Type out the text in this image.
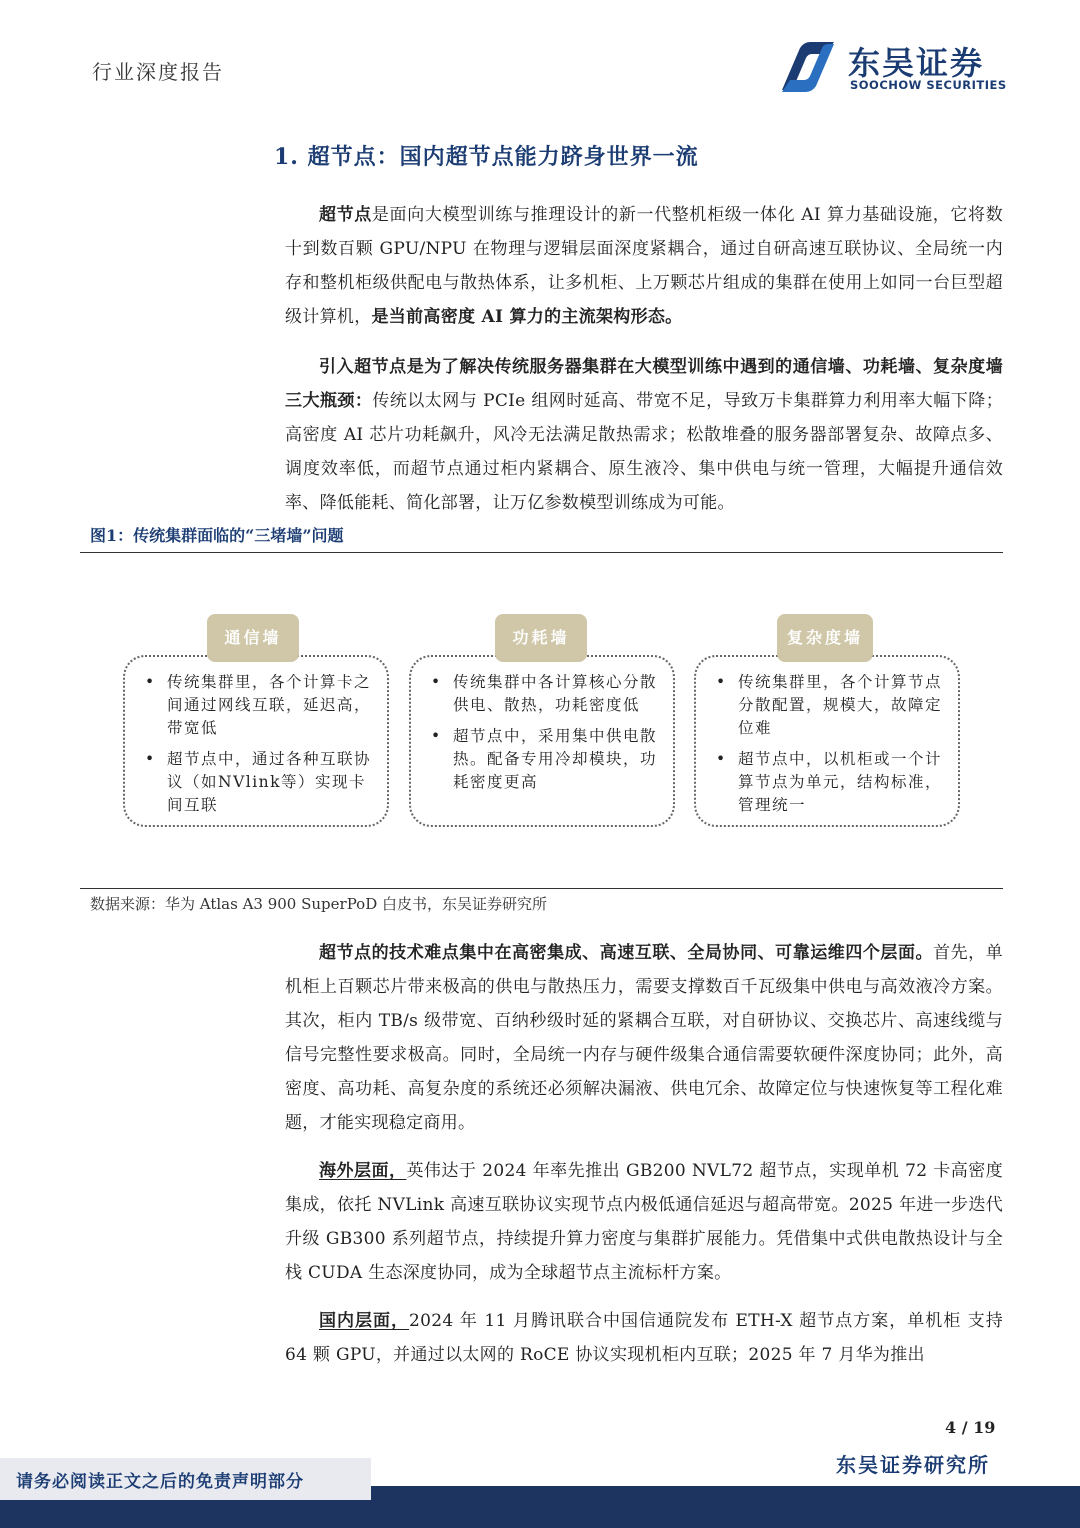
行业深度报告	东吴证券
SOOCHOW SECURITIES
1. 超节点：国内超节点能力跻身世界一流

超节点是面向大模型训练与推理设计的新一代整机柜级一体化 AI 算力基础设施，它将数十到数百颗 GPU/NPU 在物理与逻辑层面深度紧耦合，通过自研高速互联协议、全局统一内存和整机柜级供配电与散热体系，让多机柜、上万颗芯片组成的集群在使用上如同一台巨型超级计算机，是当前高密度 AI 算力的主流架构形态。

引入超节点是为了解决传统服务器集群在大模型训练中遇到的通信墙、功耗墙、复杂度墙三大瓶颈：传统以太网与 PCIe 组网时延高、带宽不足，导致万卡集群算力利用率大幅下降；高密度 AI 芯片功耗飙升，风冷无法满足散热需求；松散堆叠的服务器部署复杂、故障点多、调度效率低，而超节点通过柜内紧耦合、原生液冷、集中供电与统一管理，大幅提升通信效率、降低能耗、简化部署，让万亿参数模型训练成为可能。

图1：传统集群面临的“三堵墙”问题
• 传统集群里，各个计算卡之间通过网线互联，延迟高，带宽低
• 超节点中，通过各种互联协议（如NVlink等）实现卡间互联
通信墙
• 传统集群中各计算核心分散供电、散热，功耗密度低
• 超节点中，采用集中供电散热。配备专用冷却模块，功耗密度更高
功耗墙
• 传统集群里，各个计算节点分散配置，规模大，故障定位难
• 超节点中，以机柜或一个计算节点为单元，结构标准，管理统一
复杂度墙
数据来源：华为 Atlas A3 900 SuperPoD 白皮书，东吴证券研究所

超节点的技术难点集中在高密集成、高速互联、全局协同、可靠运维四个层面。首先，单机柜上百颗芯片带来极高的供电与散热压力，需要支撑数百千瓦级集中供电与高效液冷方案。其次，柜内 TB/s 级带宽、百纳秒级时延的紧耦合互联，对自研协议、交换芯片、高速线缆与信号完整性要求极高。同时，全局统一内存与硬件级集合通信需要软硬件深度协同；此外，高密度、高功耗、高复杂度的系统还必须解决漏液、供电冗余、故障定位与快速恢复等工程化难题，才能实现稳定商用。

海外层面，英伟达于 2024 年率先推出 GB200 NVL72 超节点，实现单机 72 卡高密度集成，依托 NVLink 高速互联协议实现节点内极低通信延迟与超高带宽。2025 年进一步迭代升级 GB300 系列超节点，持续提升算力密度与集群扩展能力。凭借集中式供电散热设计与全栈 CUDA 生态深度协同，成为全球超节点主流标杆方案。

国内层面，2024 年 11 月腾讯联合中国信通院发布 ETH-X 超节点方案，单机柜 支持 64 颗 GPU，并通过以太网的 RoCE 协议实现机柜内互联；2025 年 7 月华为推出

4 / 19
请务必阅读正文之后的免责声明部分
东吴证券研究所
